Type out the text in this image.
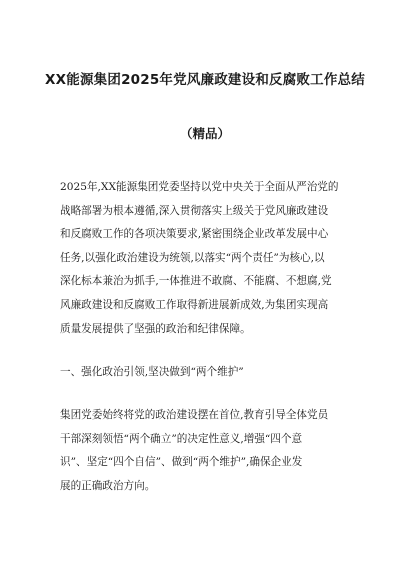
XX能源集团2025年党风廉政建设和反腐败工作总结
（精品）
2025年,XX能源集团党委坚持以党中央关于全面从严治党的
战略部署为根本遵循,深入贯彻落实上级关于党风廉政建设
和反腐败工作的各项决策要求,紧密围绕企业改革发展中心
任务,以强化政治建设为统领,以落实“两个责任”为核心,以
深化标本兼治为抓手,一体推进不敢腐、不能腐、不想腐,党
风廉政建设和反腐败工作取得新进展新成效,为集团实现高
质量发展提供了坚强的政治和纪律保障。
一、强化政治引领,坚决做到“两个维护”
集团党委始终将党的政治建设摆在首位,教育引导全体党员
干部深刻领悟“两个确立”的决定性意义,增强“四个意
识”、坚定“四个自信”、做到“两个维护”,确保企业发
展的正确政治方向。
